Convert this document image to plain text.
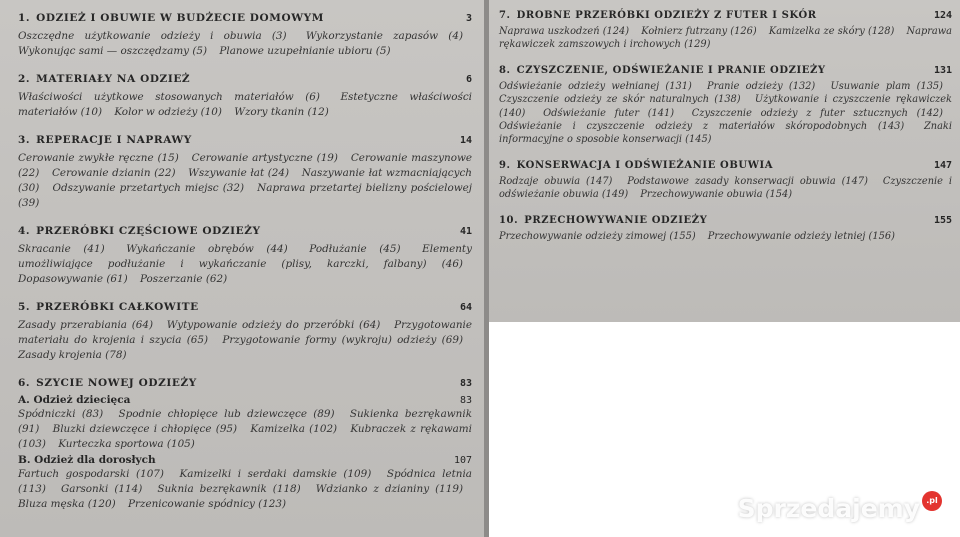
1. ODZIEŻ I OBUWIE W BUDŻECIE DOMOWYM	3
Oszczędne użytkowanie odzieży i obuwia (3) Wykorzystanie zapasów (4) Wykonując sami — oszczędzamy (5) Planowe uzupełnianie ubioru (5)
2. MATERIAŁY NA ODZIEŻ	6
Właściwości użytkowe stosowanych materiałów (6) Estetyczne właściwości materiałów (10) Kolor w odzieży (10) Wzory tkanin (12)
3. REPERACJE I NAPRAWY	14
Cerowanie zwykłe ręczne (15) Cerowanie artystyczne (19) Cerowanie maszynowe (22) Cerowanie dzianin (22) Wszywanie łat (24) Naszywanie łat wzmacniających (30) Odszywanie przetartych miejsc (32) Naprawa przetartej bielizny pościelowej (39)
4. PRZERÓBKI CZĘŚCIOWE ODZIEŻY	41
Skracanie (41) Wykańczanie obrębów (44) Podłużanie (45) Elementy umożliwiające podłużanie i wykańczanie (plisy, karczki, falbany) (46) Dopasowywanie (61) Poszerzanie (62)
5. PRZERÓBKI CAŁKOWITE	64
Zasady przerabiania (64) Wytypowanie odzieży do przeróbki (64) Przygotowanie materiału do krojenia i szycia (65) Przygotowanie formy (wykroju) odzieży (69) Zasady krojenia (78)
6. SZYCIE NOWEJ ODZIEŻY	83
A. Odzież dziecięca	83
Spódniczki (83) Spodnie chłopięce lub dziewczęce (89) Sukienka bezrękawnik (91) Bluzki dziewczęce i chłopięce (95) Kamizelka (102) Kubraczek z rękawami (103) Kurteczka sportowa (105)
B. Odzież dla dorosłych	107
Fartuch gospodarski (107) Kamizelki i serdaki damskie (109) Spódnica letnia (113) Garsonki (114) Suknia bezrękawnik (118) Wdzianko z dzianiny (119) Bluza męska (120) Przenicowanie spódnicy (123)
7. DROBNE PRZERÓBKI ODZIEŻY Z FUTER I SKÓR	124
Naprawa uszkodzeń (124) Kołnierz futrzany (126) Kamizelka ze skóry (128) Naprawa rękawiczek zamszowych i irchowych (129)
8. CZYSZCZENIE, ODŚWIEŻANIE I PRANIE ODZIEŻY	131
Odświeżanie odzieży wełnianej (131) Pranie odzieży (132) Usuwanie plam (135) Czyszczenie odzieży ze skór naturalnych (138) Użytkowanie i czyszczenie rękawiczek (140) Odświeżanie futer (141) Czyszczenie odzieży z futer sztucznych (142) Odświeżanie i czyszczenie odzieży z materiałów skóropodobnych (143) Znaki informacyjne o sposobie konserwacji (145)
9. KONSERWACJA I ODŚWIEŻANIE OBUWIA	147
Rodzaje obuwia (147) Podstawowe zasady konserwacji obuwia (147) Czyszczenie i odświeżanie obuwia (149) Przechowywanie obuwia (154)
10. PRZECHOWYWANIE ODZIEŻY	155
Przechowywanie odzieży zimowej (155) Przechowywanie odzieży letniej (156)
Sprzedajemy .pl
